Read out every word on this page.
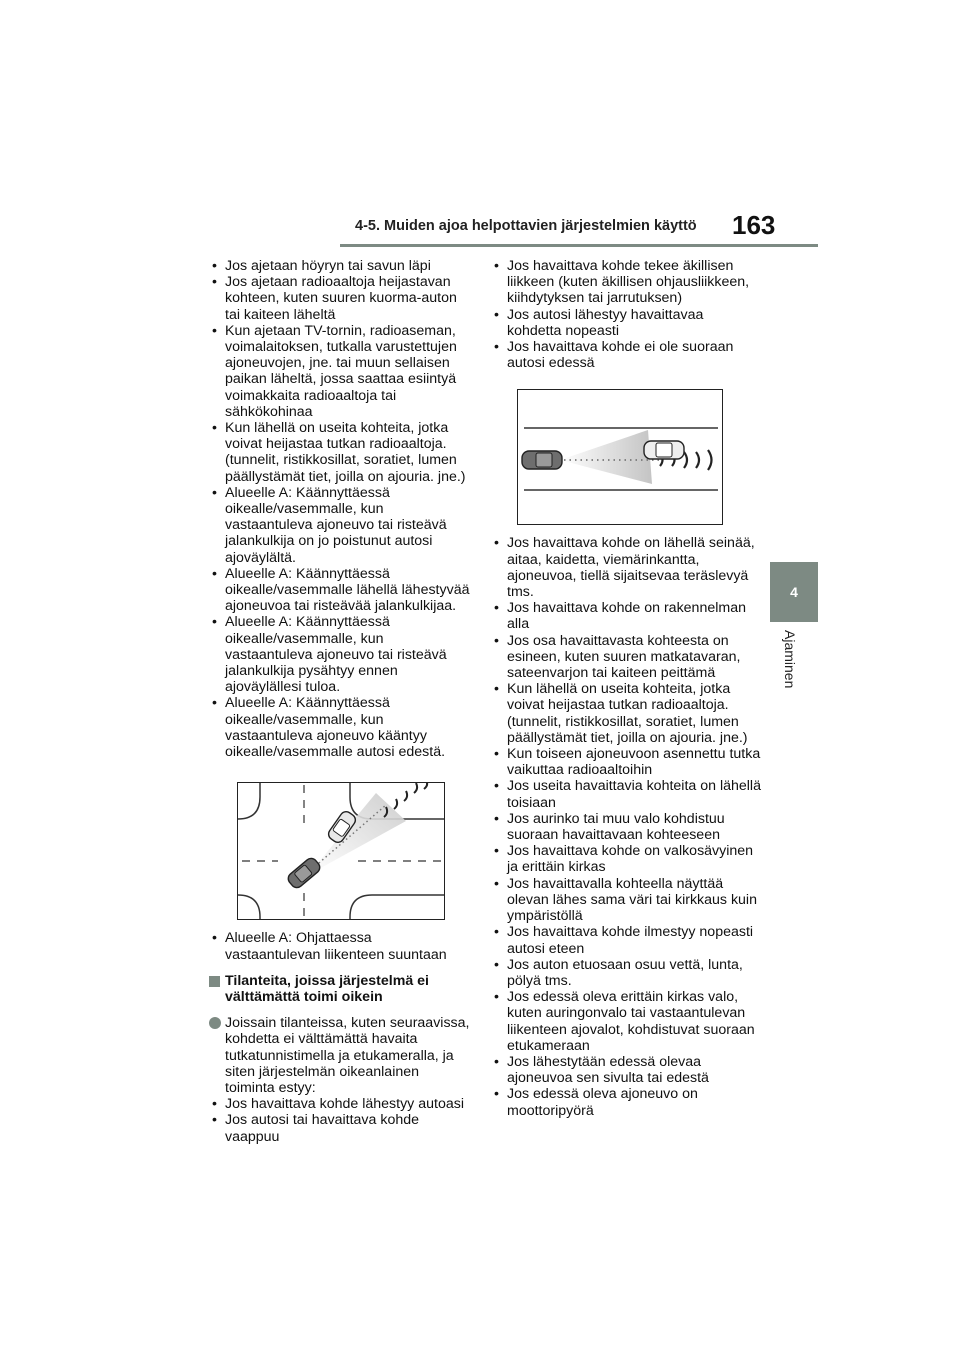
4-5. Muiden ajoa helpottavien järjestelmien käyttö 163
4
Ajaminen
• Jos ajetaan höyryn tai savun läpi
• Jos ajetaan radioaaltoja heijastavan kohteen, kuten suuren kuorma-auton tai kaiteen läheltä
• Kun ajetaan TV-tornin, radioaseman, voimalaitoksen, tutkalla varustettujen ajoneuvojen, jne. tai muun sellaisen paikan läheltä, jossa saattaa esiintyä voimakkaita radioaaltoja tai sähkökohinaa
• Kun lähellä on useita kohteita, jotka voivat heijastaa tutkan radioaaltoja. (tunnelit, ristikkosillat, soratiet, lumen päällystämät tiet, joilla on ajouria. jne.)
• Alueelle A: Käännyttäessä oikealle/vasemmalle, kun vastaantuleva ajoneuvo tai risteävä jalankulkija on jo poistunut autosi ajoväylältä.
• Alueelle A: Käännyttäessä oikealle/vasemmalle lähellä lähestyvää ajoneuvoa tai risteävää jalankulkijaa.
• Alueelle A: Käännyttäessä oikealle/vasemmalle, kun vastaantuleva ajoneuvo tai risteävä jalankulkija pysähtyy ennen ajoväylällesi tuloa.
• Alueelle A: Käännyttäessä oikealle/vasemmalle, kun vastaantuleva ajoneuvo kääntyy oikealle/vasemmalle autosi edestä.
• Alueelle A: Ohjattaessa vastaantulevan liikenteen suuntaan
Tilanteita, joissa järjestelmä ei välttämättä toimi oikein
Joissain tilanteissa, kuten seuraavissa, kohdetta ei välttämättä havaita tutkatunnistimella ja etukameralla, ja siten järjestelmän oikeanlainen toiminta estyy:
• Jos havaittava kohde lähestyy autoasi
• Jos autosi tai havaittava kohde vaappuu
• Jos havaittava kohde tekee äkillisen liikkeen (kuten äkillisen ohjausliikkeen, kiihdytyksen tai jarrutuksen)
• Jos autosi lähestyy havaittavaa kohdetta nopeasti
• Jos havaittava kohde ei ole suoraan autosi edessä
• Jos havaittava kohde on lähellä seinää, aitaa, kaidetta, viemärinkantta, ajoneuvoa, tiellä sijaitsevaa teräslevyä tms.
• Jos havaittava kohde on rakennelman alla
• Jos osa havaittavasta kohteesta on esineen, kuten suuren matkatavaran, sateenvarjon tai kaiteen peittämä
• Kun lähellä on useita kohteita, jotka voivat heijastaa tutkan radioaaltoja. (tunnelit, ristikkosillat, soratiet, lumen päällystämät tiet, joilla on ajouria. jne.)
• Kun toiseen ajoneuvoon asennettu tutka vaikuttaa radioaaltoihin
• Jos useita havaittavia kohteita on lähellä toisiaan
• Jos aurinko tai muu valo kohdistuu suoraan havaittavaan kohteeseen
• Jos havaittava kohde on valkosävyinen ja erittäin kirkas
• Jos havaittavalla kohteella näyttää olevan lähes sama väri tai kirkkaus kuin ympäristöllä
• Jos havaittava kohde ilmestyy nopeasti autosi eteen
• Jos auton etuosaan osuu vettä, lunta, pölyä tms.
• Jos edessä oleva erittäin kirkas valo, kuten auringonvalo tai vastaantulevan liikenteen ajovalot, kohdistuvat suoraan etukameraan
• Jos lähestytään edessä olevaa ajoneuvoa sen sivulta tai edestä
• Jos edessä oleva ajoneuvo on moottoripyörä
